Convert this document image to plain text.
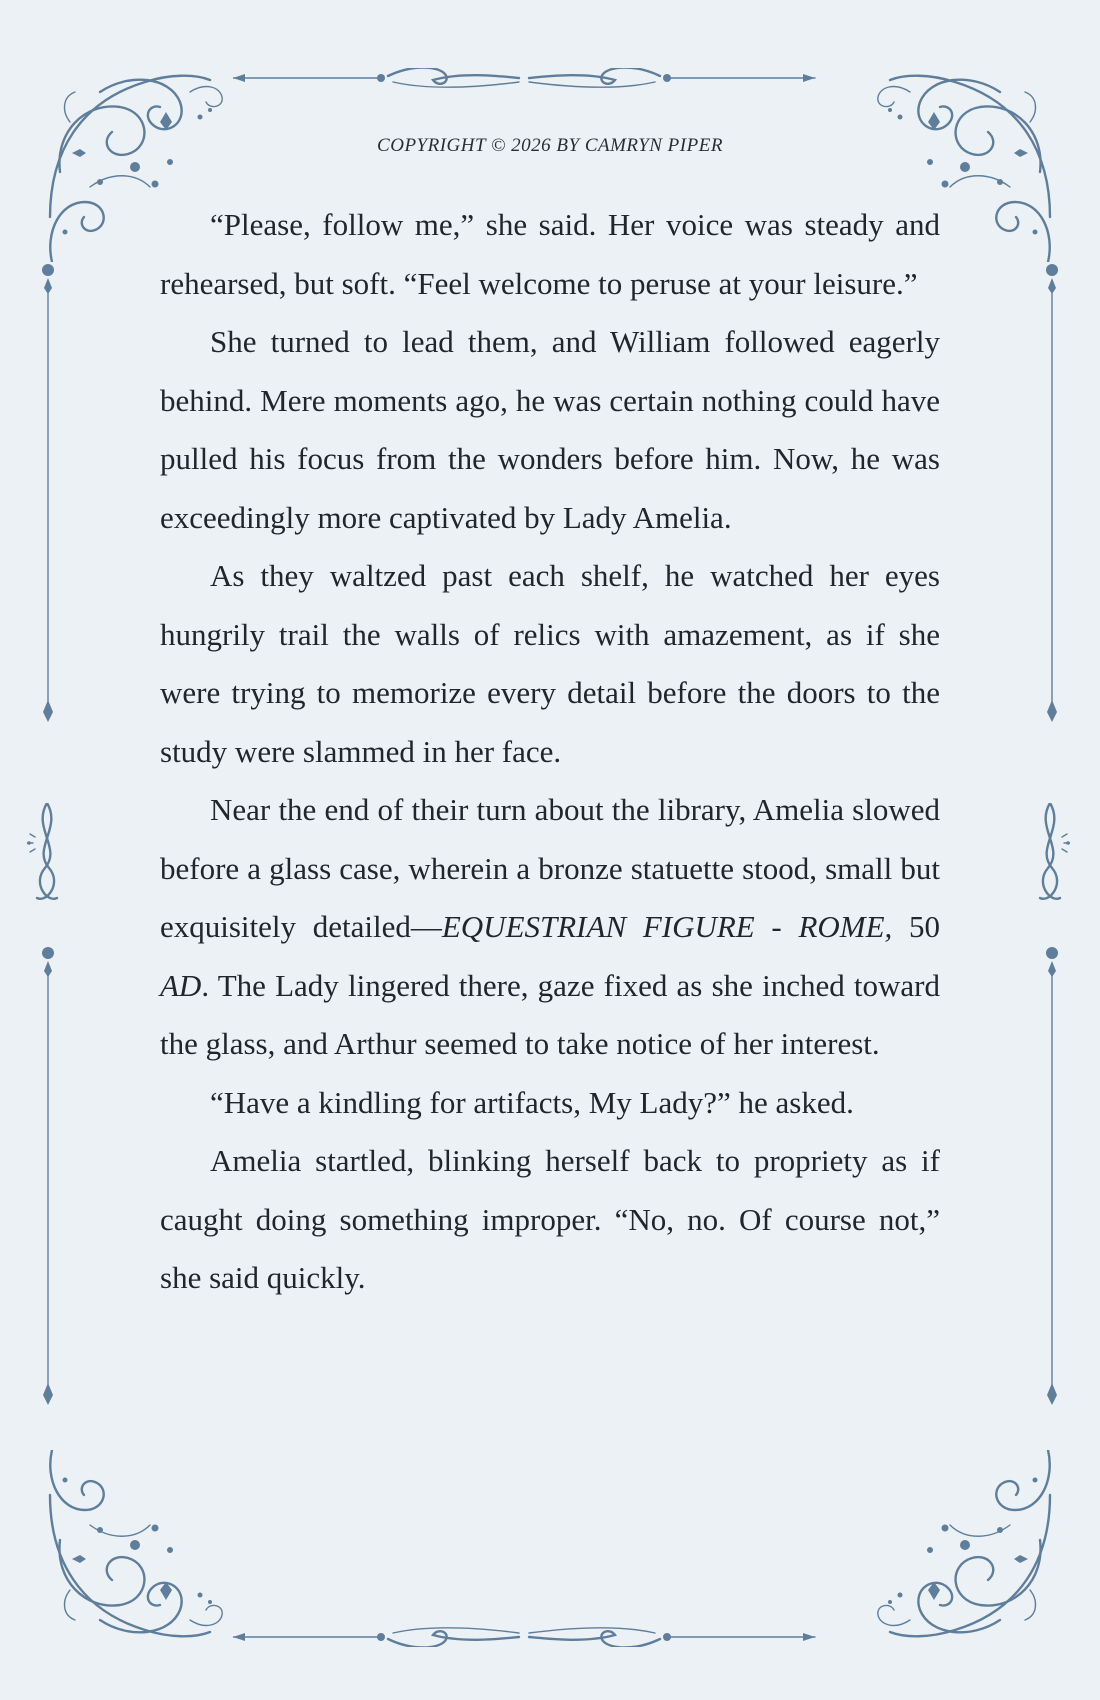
COPYRIGHT © 2026 BY CAMRYN PIPER

“Please, follow me,” she said. Her voice was steady and rehearsed, but soft. “Feel welcome to peruse at your leisure.”

She turned to lead them, and William followed eagerly behind. Mere moments ago, he was certain nothing could have pulled his focus from the wonders before him. Now, he was exceedingly more captivated by Lady Amelia.

As they waltzed past each shelf, he watched her eyes hungrily trail the walls of relics with amazement, as if she were trying to memorize every detail before the doors to the study were slammed in her face.

Near the end of their turn about the library, Amelia slowed before a glass case, wherein a bronze statuette stood, small but exquisitely detailed—EQUESTRIAN FIGURE - ROME, 50 AD. The Lady lingered there, gaze fixed as she inched toward the glass, and Arthur seemed to take notice of her interest.

“Have a kindling for artifacts, My Lady?” he asked.

Amelia startled, blinking herself back to propriety as if caught doing something improper. “No, no. Of course not,” she said quickly.
